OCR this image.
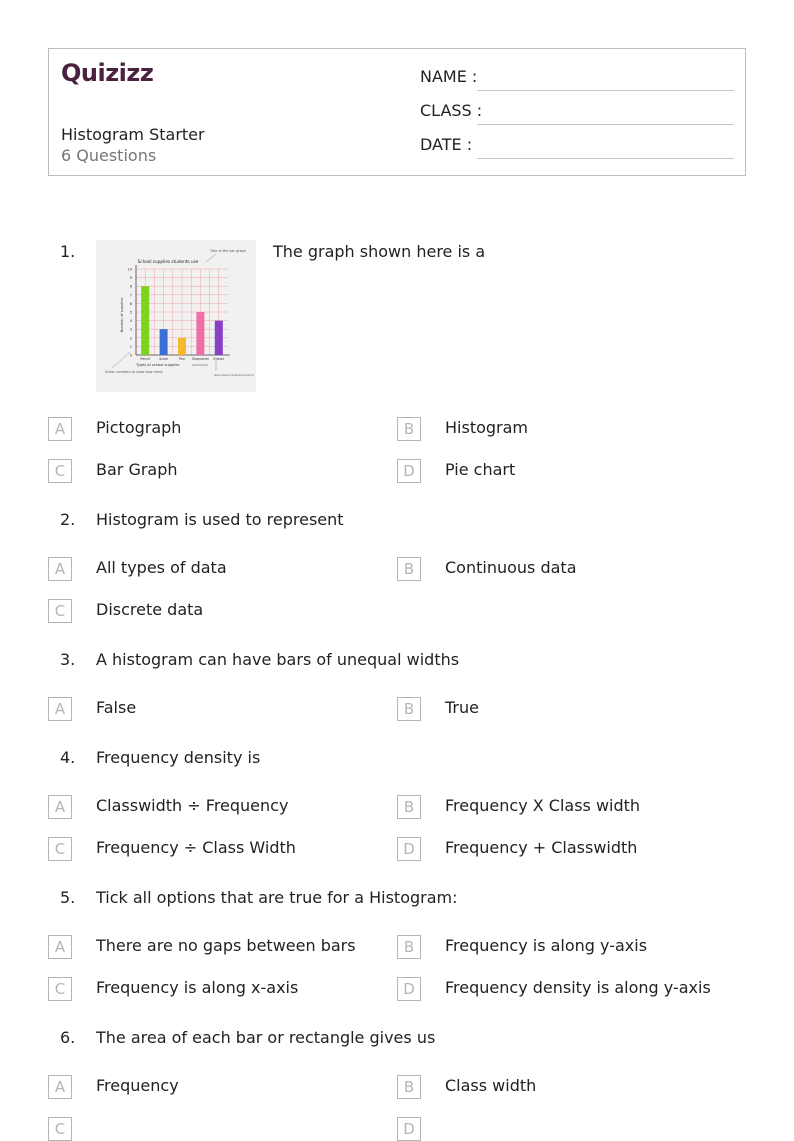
Quizizz
Histogram Starter
6 Questions
NAME :
CLASS :
DATE :
1.
0
1
2
3
4
5
6
7
8
9
10
Pencil	Scale	Pen Sharpener Eraser
School supplies students use
Types of school supplies
Number of supplies
Title of the bar graph
Scale: numbers to show how many
Labels of categories to tell what each bar stands for
The graph shown here is a
A	Pictograph	B	Histogram
C	Bar Graph	D	Pie chart
2. Histogram is used to represent
A	All types of data	B	Continuous data
C	Discrete data
3. A histogram can have bars of unequal widths
A	False	B	True
4. Frequency density is
A	Classwidth ÷ Frequency	B	Frequency X Class width
C	Frequency ÷ Class Width	D	Frequency + Classwidth
5. Tick all options that are true for a Histogram:
A	There are no gaps between bars	B	Frequency is along y-axis
C	Frequency is along x-axis	D	Frequency density is along y-axis
6. The area of each bar or rectangle gives us
A	Frequency	B	Class width
C	D
